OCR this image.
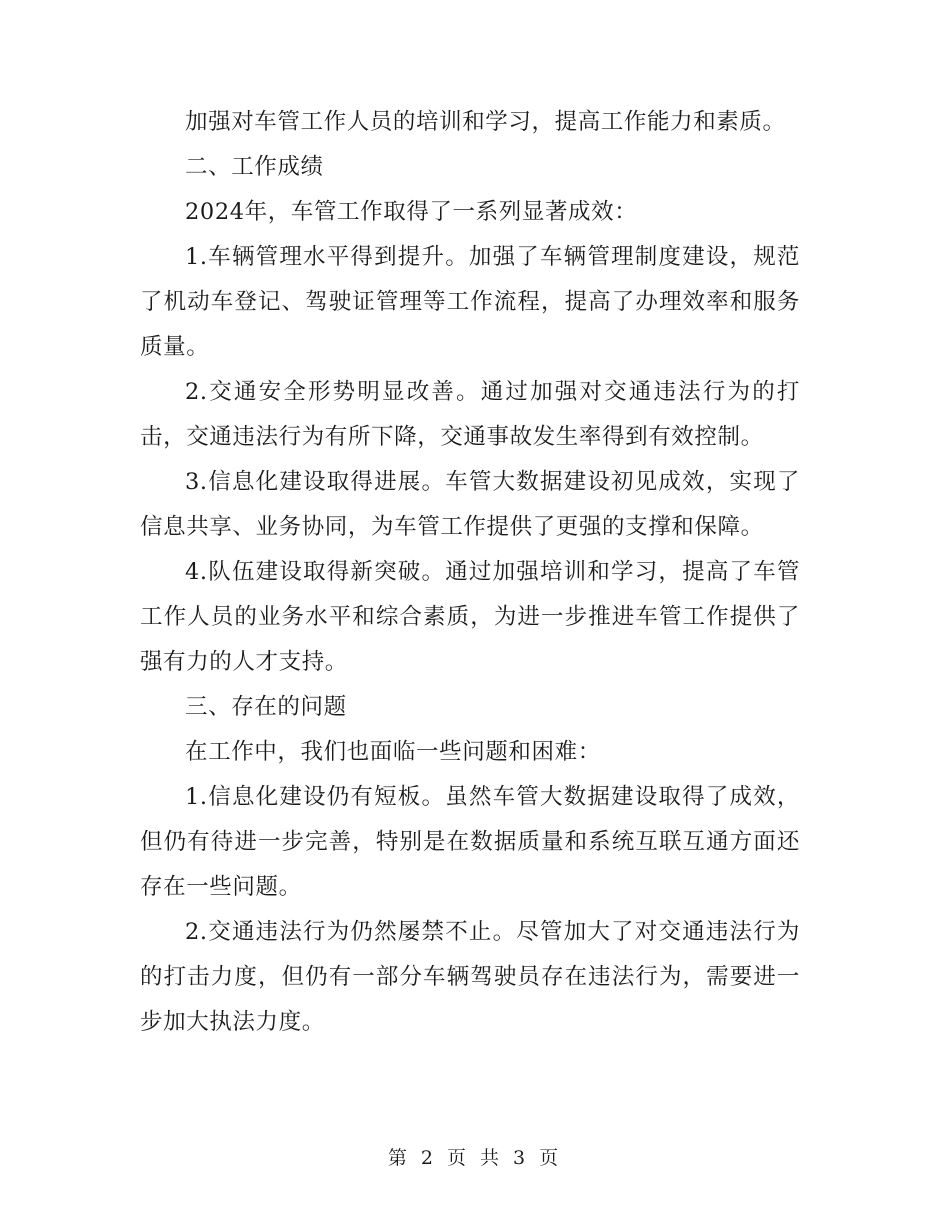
加强对车管工作人员的培训和学习，提高工作能力和素质。

二、工作成绩

2024年，车管工作取得了一系列显著成效：

1.车辆管理水平得到提升。加强了车辆管理制度建设，规范了机动车登记、驾驶证管理等工作流程，提高了办理效率和服务质量。

2.交通安全形势明显改善。通过加强对交通违法行为的打击，交通违法行为有所下降，交通事故发生率得到有效控制。

3.信息化建设取得进展。车管大数据建设初见成效，实现了信息共享、业务协同，为车管工作提供了更强的支撑和保障。

4.队伍建设取得新突破。通过加强培训和学习，提高了车管工作人员的业务水平和综合素质，为进一步推进车管工作提供了强有力的人才支持。

三、存在的问题

在工作中，我们也面临一些问题和困难：

1.信息化建设仍有短板。虽然车管大数据建设取得了成效，但仍有待进一步完善，特别是在数据质量和系统互联互通方面还存在一些问题。

2.交通违法行为仍然屡禁不止。尽管加大了对交通违法行为的打击力度，但仍有一部分车辆驾驶员存在违法行为，需要进一步加大执法力度。

第 2 页 共 3 页
